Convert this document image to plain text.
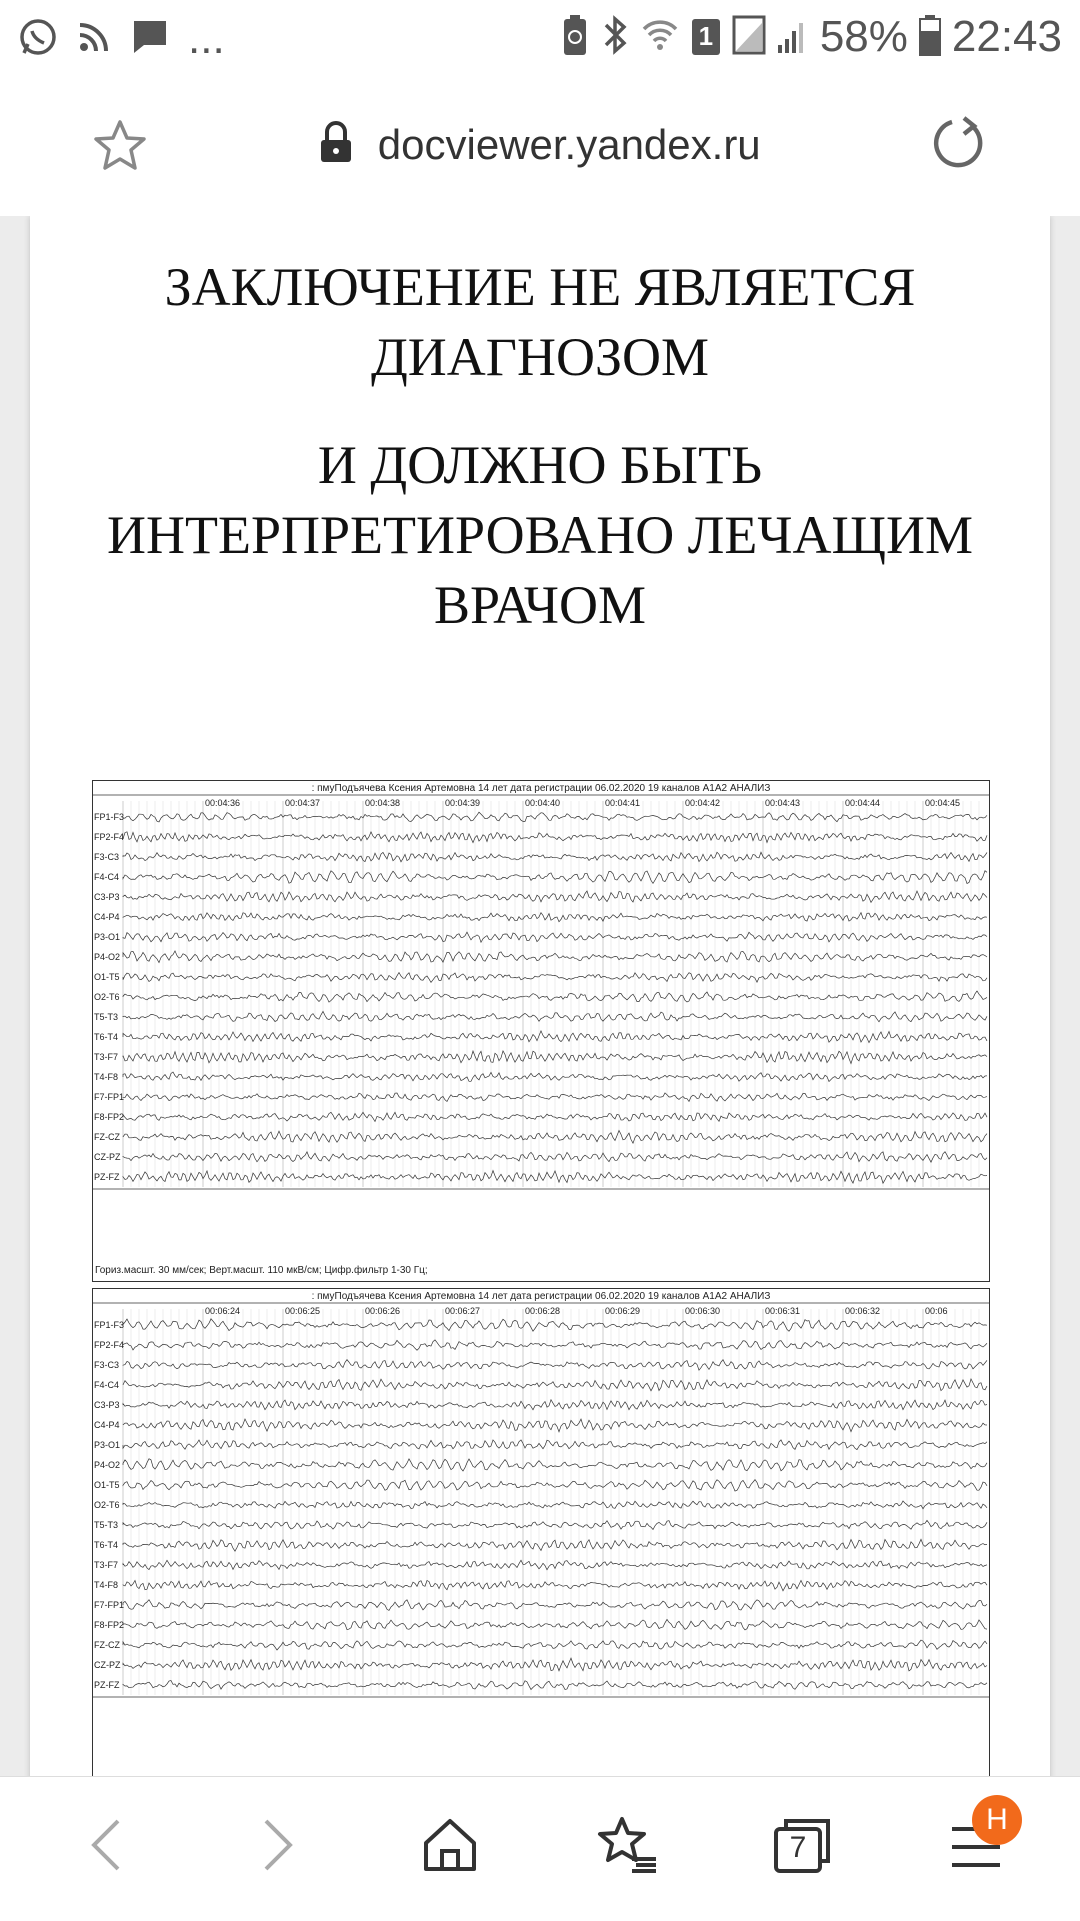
...	1 58% 22:43
docviewer.yandex.ru
ЗАКЛЮЧЕНИЕ НЕ ЯВЛЯЕТСЯ
ДИАГНОЗОМ
И ДОЛЖНО БЫТЬ
ИНТЕРПРЕТИРОВАНО ЛЕЧАЩИМ
ВРАЧОМ
00:04:36	00:04:37	00:04:38	00:04:39	00:04:40	00:04:41	00:04:42	00:04:43	00:04:44	00:04:45
FP1-F3
FP2-F4
F3-C3
F4-C4
C3-P3
C4-P4
P3-O1
P4-O2
O1-T5
O2-T6
T5-T3
T6-T4
T3-F7
T4-F8
F7-FP1
F8-FP2
FZ-CZ
CZ-PZ
PZ-FZ
: пмуПодъячева Ксения Артемовна 14 лет дата регистрации 06.02.2020 19 каналов A1A2 АНАЛИЗ
Гориз.масшт. 30 мм/сек; Верт.масшт. 110 мкВ/см; Цифр.фильтр 1-30 Гц;
00:06:24	00:06:25	00:06:26	00:06:27	00:06:28	00:06:29	00:06:30	00:06:31	00:06:32	00:06
FP1-F3
FP2-F4
F3-C3
F4-C4
C3-P3
C4-P4
P3-O1
P4-O2
O1-T5
O2-T6
T5-T3
T6-T4
T3-F7
T4-F8
F7-FP1
F8-FP2
FZ-CZ
CZ-PZ
PZ-FZ
: пмуПодъячева Ксения Артемовна 14 лет дата регистрации 06.02.2020 19 каналов A1A2 АНАЛИЗ
7
Н
